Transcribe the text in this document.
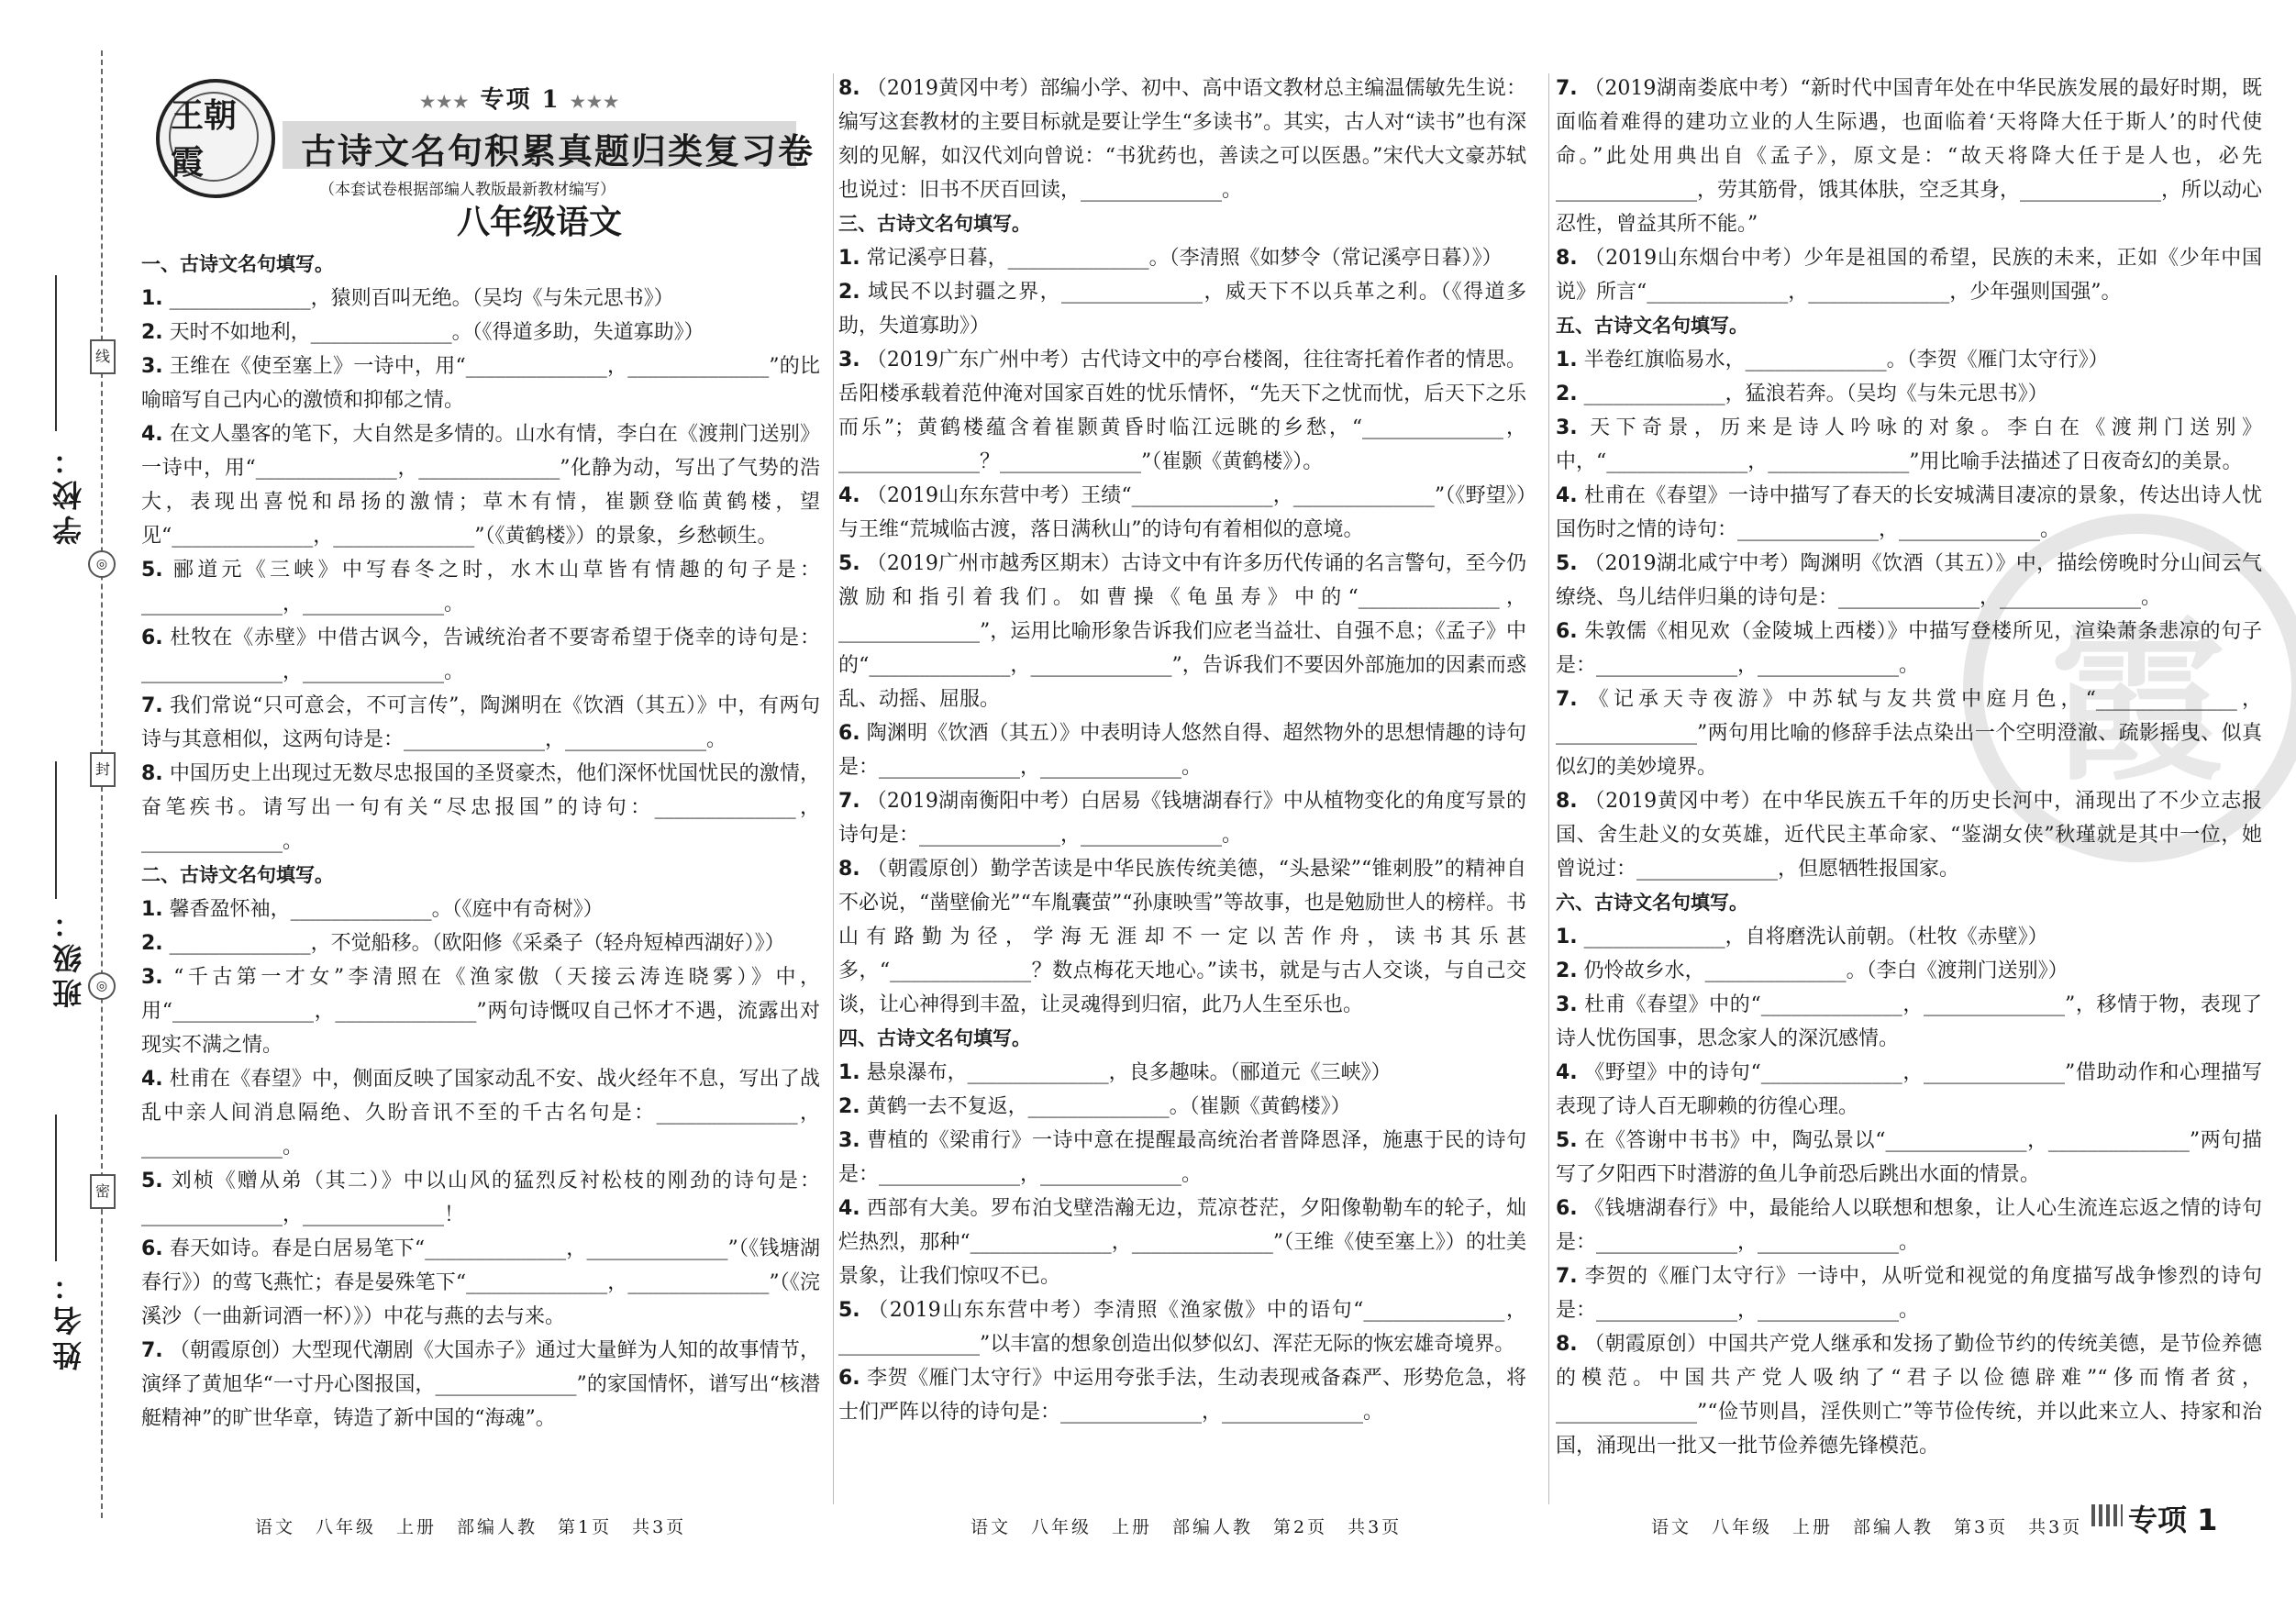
学校：
班级：
姓名：
线
封
密
◎
◎
霞
王朝霞
★★★ 专项 1 ★★★
古诗文名句积累真题归类复习卷
（本套试卷根据部编人教版最新教材编写）
八年级语文

一、古诗文名句填写。

1. ______________，猿则百叫无绝。（吴均《与朱元思书》）

2. 天时不如地利，______________。（《得道多助，失道寡助》）

3. 王维在《使至塞上》一诗中，用“______________，______________”的比喻暗写自己内心的激愤和抑郁之情。

4. 在文人墨客的笔下，大自然是多情的。山水有情，李白在《渡荆门送别》一诗中，用“______________，______________”化静为动，写出了气势的浩大，表现出喜悦和昂扬的激情；草木有情，崔颢登临黄鹤楼，望见“______________，______________”（《黄鹤楼》）的景象，乡愁顿生。

5. 郦道元《三峡》中写春冬之时，水木山草皆有情趣的句子是：______________，______________。

6. 杜牧在《赤壁》中借古讽今，告诫统治者不要寄希望于侥幸的诗句是：______________，______________。

7. 我们常说“只可意会，不可言传”，陶渊明在《饮酒（其五）》中，有两句诗与其意相似，这两句诗是：______________，______________。

8. 中国历史上出现过无数尽忠报国的圣贤豪杰，他们深怀忧国忧民的激情，奋笔疾书。请写出一句有关“尽忠报国”的诗句：______________，______________。

二、古诗文名句填写。

1. 馨香盈怀袖，______________。（《庭中有奇树》）

2. ______________，不觉船移。（欧阳修《采桑子（轻舟短棹西湖好）》）

3. “千古第一才女”李清照在《渔家傲（天接云涛连晓雾）》中，用“______________，______________”两句诗慨叹自己怀才不遇，流露出对现实不满之情。

4. 杜甫在《春望》中，侧面反映了国家动乱不安、战火经年不息，写出了战乱中亲人间消息隔绝、久盼音讯不至的千古名句是：______________，______________。

5. 刘桢《赠从弟（其二）》中以山风的猛烈反衬松枝的刚劲的诗句是：______________，______________！

6. 春天如诗。春是白居易笔下“______________，______________”（《钱塘湖春行》）的莺飞燕忙；春是晏殊笔下“______________，______________”（《浣溪沙（一曲新词酒一杯）》）中花与燕的去与来。

7. （朝霞原创）大型现代潮剧《大国赤子》通过大量鲜为人知的故事情节，演绎了黄旭华“一寸丹心图报国，______________”的家国情怀，谱写出“核潜艇精神”的旷世华章，铸造了新中国的“海魂”。

语文　八年级　上册　部编人教　第1页　共3页

8. （2019黄冈中考）部编小学、初中、高中语文教材总主编温儒敏先生说：编写这套教材的主要目标就是要让学生“多读书”。其实，古人对“读书”也有深刻的见解，如汉代刘向曾说：“书犹药也，善读之可以医愚。”宋代大文豪苏轼也说过：旧书不厌百回读，______________。

三、古诗文名句填写。

1. 常记溪亭日暮，______________。（李清照《如梦令（常记溪亭日暮）》）

2. 域民不以封疆之界，______________，威天下不以兵革之利。（《得道多助，失道寡助》）

3. （2019广东广州中考）古代诗文中的亭台楼阁，往往寄托着作者的情思。岳阳楼承载着范仲淹对国家百姓的忧乐情怀，“先天下之忧而忧，后天下之乐而乐”；黄鹤楼蕴含着崔颢黄昏时临江远眺的乡愁，“______________，______________？______________”（崔颢《黄鹤楼》）。

4. （2019山东东营中考）王绩“______________，______________”（《野望》）与王维“荒城临古渡，落日满秋山”的诗句有着相似的意境。

5. （2019广州市越秀区期末）古诗文中有许多历代传诵的名言警句，至今仍激励和指引着我们。如曹操《龟虽寿》中的“______________，______________”，运用比喻形象告诉我们应老当益壮、自强不息；《孟子》中的“______________，______________”，告诉我们不要因外部施加的因素而惑乱、动摇、屈服。

6. 陶渊明《饮酒（其五）》中表明诗人悠然自得、超然物外的思想情趣的诗句是：______________，______________。

7. （2019湖南衡阳中考）白居易《钱塘湖春行》中从植物变化的角度写景的诗句是：______________，______________。

8. （朝霞原创）勤学苦读是中华民族传统美德，“头悬梁”“锥刺股”的精神自不必说，“凿壁偷光”“车胤囊萤”“孙康映雪”等故事，也是勉励世人的榜样。书山有路勤为径，学海无涯却不一定以苦作舟，读书其乐甚多，“______________？数点梅花天地心。”读书，就是与古人交谈，与自己交谈，让心神得到丰盈，让灵魂得到归宿，此乃人生至乐也。

四、古诗文名句填写。

1. 悬泉瀑布，______________，良多趣味。（郦道元《三峡》）

2. 黄鹤一去不复返，______________。（崔颢《黄鹤楼》）

3. 曹植的《梁甫行》一诗中意在提醒最高统治者普降恩泽，施惠于民的诗句是：______________，______________。

4. 西部有大美。罗布泊戈壁浩瀚无边，荒凉苍茫，夕阳像勒勒车的轮子，灿烂热烈，那种“______________，______________”（王维《使至塞上》）的壮美景象，让我们惊叹不已。

5. （2019山东东营中考）李清照《渔家傲》中的语句“______________，______________”以丰富的想象创造出似梦似幻、浑茫无际的恢宏雄奇境界。

6. 李贺《雁门太守行》中运用夸张手法，生动表现戒备森严、形势危急，将士们严阵以待的诗句是：______________，______________。

语文　八年级　上册　部编人教　第2页　共3页

7. （2019湖南娄底中考）“新时代中国青年处在中华民族发展的最好时期，既面临着难得的建功立业的人生际遇，也面临着‘天将降大任于斯人’的时代使命。”此处用典出自《孟子》，原文是：“故天将降大任于是人也，必先______________，劳其筋骨，饿其体肤，空乏其身，______________，所以动心忍性，曾益其所不能。”

8. （2019山东烟台中考）少年是祖国的希望，民族的未来，正如《少年中国说》所言“______________，______________，少年强则国强”。

五、古诗文名句填写。

1. 半卷红旗临易水，______________。（李贺《雁门太守行》）

2. ______________，猛浪若奔。（吴均《与朱元思书》）

3. 天下奇景，历来是诗人吟咏的对象。李白在《渡荆门送别》中，“______________，______________”用比喻手法描述了日夜奇幻的美景。

4. 杜甫在《春望》一诗中描写了春天的长安城满目凄凉的景象，传达出诗人忧国伤时之情的诗句：______________，______________。

5. （2019湖北咸宁中考）陶渊明《饮酒（其五）》中，描绘傍晚时分山间云气缭绕、鸟儿结伴归巢的诗句是：______________，______________。

6. 朱敦儒《相见欢（金陵城上西楼）》中描写登楼所见，渲染萧条悲凉的句子是：______________，______________。

7. 《记承天寺夜游》中苏轼与友共赏中庭月色，“______________，______________”两句用比喻的修辞手法点染出一个空明澄澈、疏影摇曳、似真似幻的美妙境界。

8. （2019黄冈中考）在中华民族五千年的历史长河中，涌现出了不少立志报国、舍生赴义的女英雄，近代民主革命家、“鉴湖女侠”秋瑾就是其中一位，她曾说过：______________，但愿牺牲报国家。

六、古诗文名句填写。

1. ______________，自将磨洗认前朝。（杜牧《赤壁》）

2. 仍怜故乡水，______________。（李白《渡荆门送别》）

3. 杜甫《春望》中的“______________，______________”，移情于物，表现了诗人忧伤国事，思念家人的深沉感情。

4. 《野望》中的诗句“______________，______________”借助动作和心理描写表现了诗人百无聊赖的彷徨心理。

5. 在《答谢中书书》中，陶弘景以“______________，______________”两句描写了夕阳西下时潜游的鱼儿争前恐后跳出水面的情景。

6. 《钱塘湖春行》中，最能给人以联想和想象，让人心生流连忘返之情的诗句是：______________，______________。

7. 李贺的《雁门太守行》一诗中，从听觉和视觉的角度描写战争惨烈的诗句是：______________，______________。

8. （朝霞原创）中国共产党人继承和发扬了勤俭节约的传统美德，是节俭养德的模范。中国共产党人吸纳了“君子以俭德辟难”“侈而惰者贫，______________”“俭节则昌，淫佚则亡”等节俭传统，并以此来立人、持家和治国，涌现出一批又一批节俭养德先锋模范。

语文　八年级　上册　部编人教　第3页　共3页 专项 1
